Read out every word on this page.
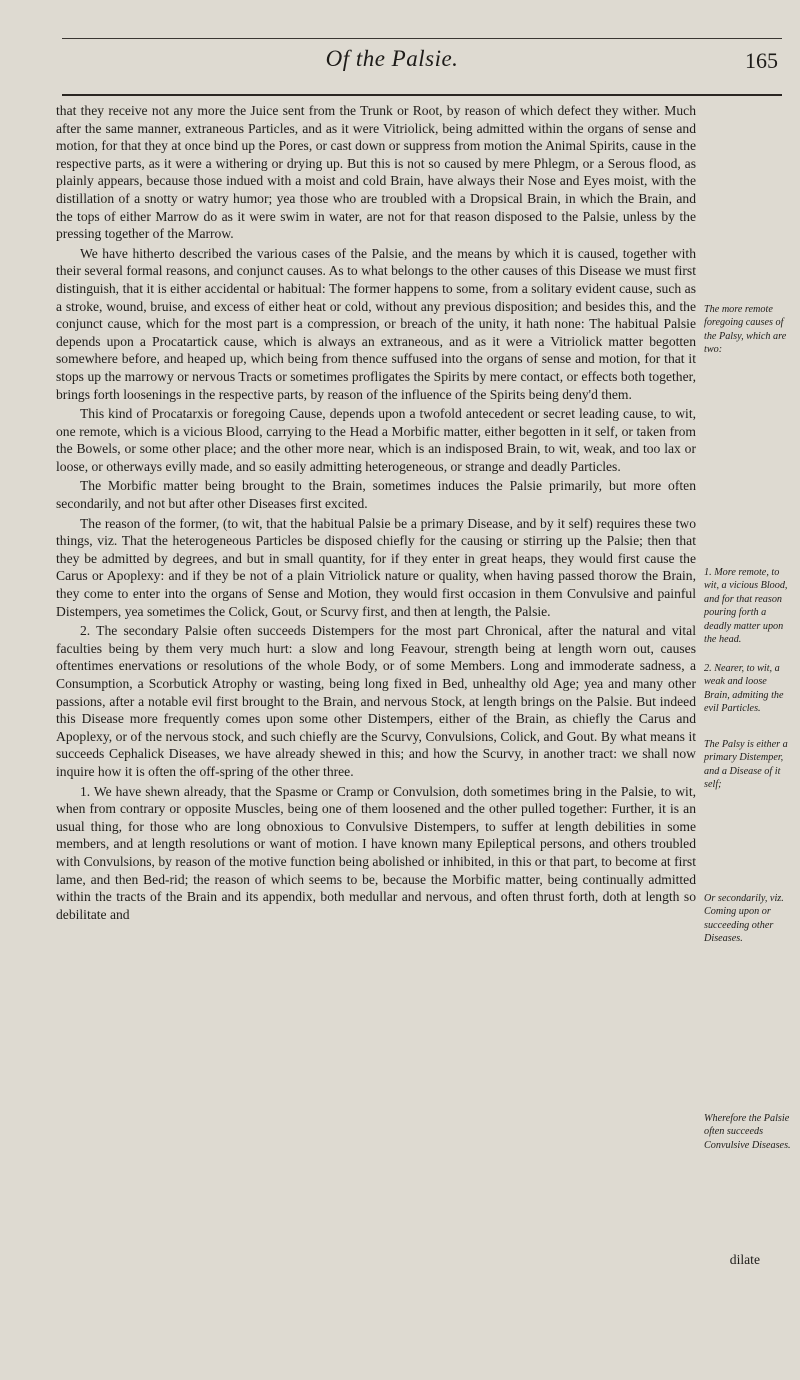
Of the Palsie.	165

that they receive not any more the Juice sent from the Trunk or Root, by reason of which defect they wither. Much after the same manner, extraneous Particles, and as it were Vitriolick, being admitted within the organs of sense and motion, for that they at once bind up the Pores, or cast down or suppress from motion the Animal Spirits, cause in the respective parts, as it were a withering or drying up. But this is not so caused by mere Phlegm, or a Serous flood, as plainly appears, because those indued with a moist and cold Brain, have always their Nose and Eyes moist, with the distillation of a snotty or watry humor; yea those who are troubled with a Dropsical Brain, in which the Brain, and the tops of either Marrow do as it were swim in water, are not for that reason disposed to the Palsie, unless by the pressing together of the Marrow.

We have hitherto described the various cases of the Palsie, and the means by which it is caused, together with their several formal reasons, and conjunct causes. As to what belongs to the other causes of this Disease we must first distinguish, that it is either accidental or habitual: The former happens to some, from a solitary evident cause, such as a stroke, wound, bruise, and excess of either heat or cold, without any previous disposition; and besides this, and the conjunct cause, which for the most part is a compression, or breach of the unity, it hath none: The habitual Palsie depends upon a Procatartick cause, which is always an extraneous, and as it were a Vitriolick matter begotten somewhere before, and heaped up, which being from thence suffused into the organs of sense and motion, for that it stops up the marrowy or nervous Tracts or sometimes profligates the Spirits by mere contact, or effects both together, brings forth loosenings in the respective parts, by reason of the influence of the Spirits being deny'd them.

This kind of Procatarxis or foregoing Cause, depends upon a twofold antecedent or secret leading cause, to wit, one remote, which is a vicious Blood, carrying to the Head a Morbific matter, either begotten in it self, or taken from the Bowels, or some other place; and the other more near, which is an indisposed Brain, to wit, weak, and too lax or loose, or otherways evilly made, and so easily admitting heterogeneous, or strange and deadly Particles.

The Morbific matter being brought to the Brain, sometimes induces the Palsie primarily, but more often secondarily, and not but after other Diseases first excited.

The reason of the former, (to wit, that the habitual Palsie be a primary Disease, and by it self) requires these two things, viz. That the heterogeneous Particles be disposed chiefly for the causing or stirring up the Palsie; then that they be admitted by degrees, and but in small quantity, for if they enter in great heaps, they would first cause the Carus or Apoplexy: and if they be not of a plain Vitriolick nature or quality, when having passed thorow the Brain, they come to enter into the organs of Sense and Motion, they would first occasion in them Convulsive and painful Distempers, yea sometimes the Colick, Gout, or Scurvy first, and then at length, the Palsie.

2. The secondary Palsie often succeeds Distempers for the most part Chronical, after the natural and vital faculties being by them very much hurt: a slow and long Feavour, strength being at length worn out, causes oftentimes enervations or resolutions of the whole Body, or of some Members. Long and immoderate sadness, a Consumption, a Scorbutick Atrophy or wasting, being long fixed in Bed, unhealthy old Age; yea and many other passions, after a notable evil first brought to the Brain, and nervous Stock, at length brings on the Palsie. But indeed this Disease more frequently comes upon some other Distempers, either of the Brain, as chiefly the Carus and Apoplexy, or of the nervous stock, and such chiefly are the Scurvy, Convulsions, Colick, and Gout. By what means it succeeds Cephalick Diseases, we have already shewed in this; and how the Scurvy, in another tract: we shall now inquire how it is often the off-spring of the other three.

1. We have shewn already, that the Spasme or Cramp or Convulsion, doth sometimes bring in the Palsie, to wit, when from contrary or opposite Muscles, being one of them loosened and the other pulled together: Further, it is an usual thing, for those who are long obnoxious to Convulsive Distempers, to suffer at length debilities in some members, and at length resolutions or want of motion. I have known many Epileptical persons, and others troubled with Convulsions, by reason of the motive function being abolished or inhibited, in this or that part, to become at first lame, and then Bed-rid; the reason of which seems to be, because the Morbific matter, being continually admitted within the tracts of the Brain and its appendix, both medullar and nervous, and often thrust forth, doth at length so debilitate and

The more remote foregoing causes of the Palsy, which are two:
1. More remote, to wit, a vicious Blood, and for that reason pouring forth a deadly matter upon the head.
2. Nearer, to wit, a weak and loose Brain, admiting the evil Particles.
The Palsy is either a primary Distemper, and a Disease of it self;
Or secondarily, viz. Coming upon or succeeding other Diseases.
Wherefore the Palsie often succeeds Convulsive Diseases.
dilate
